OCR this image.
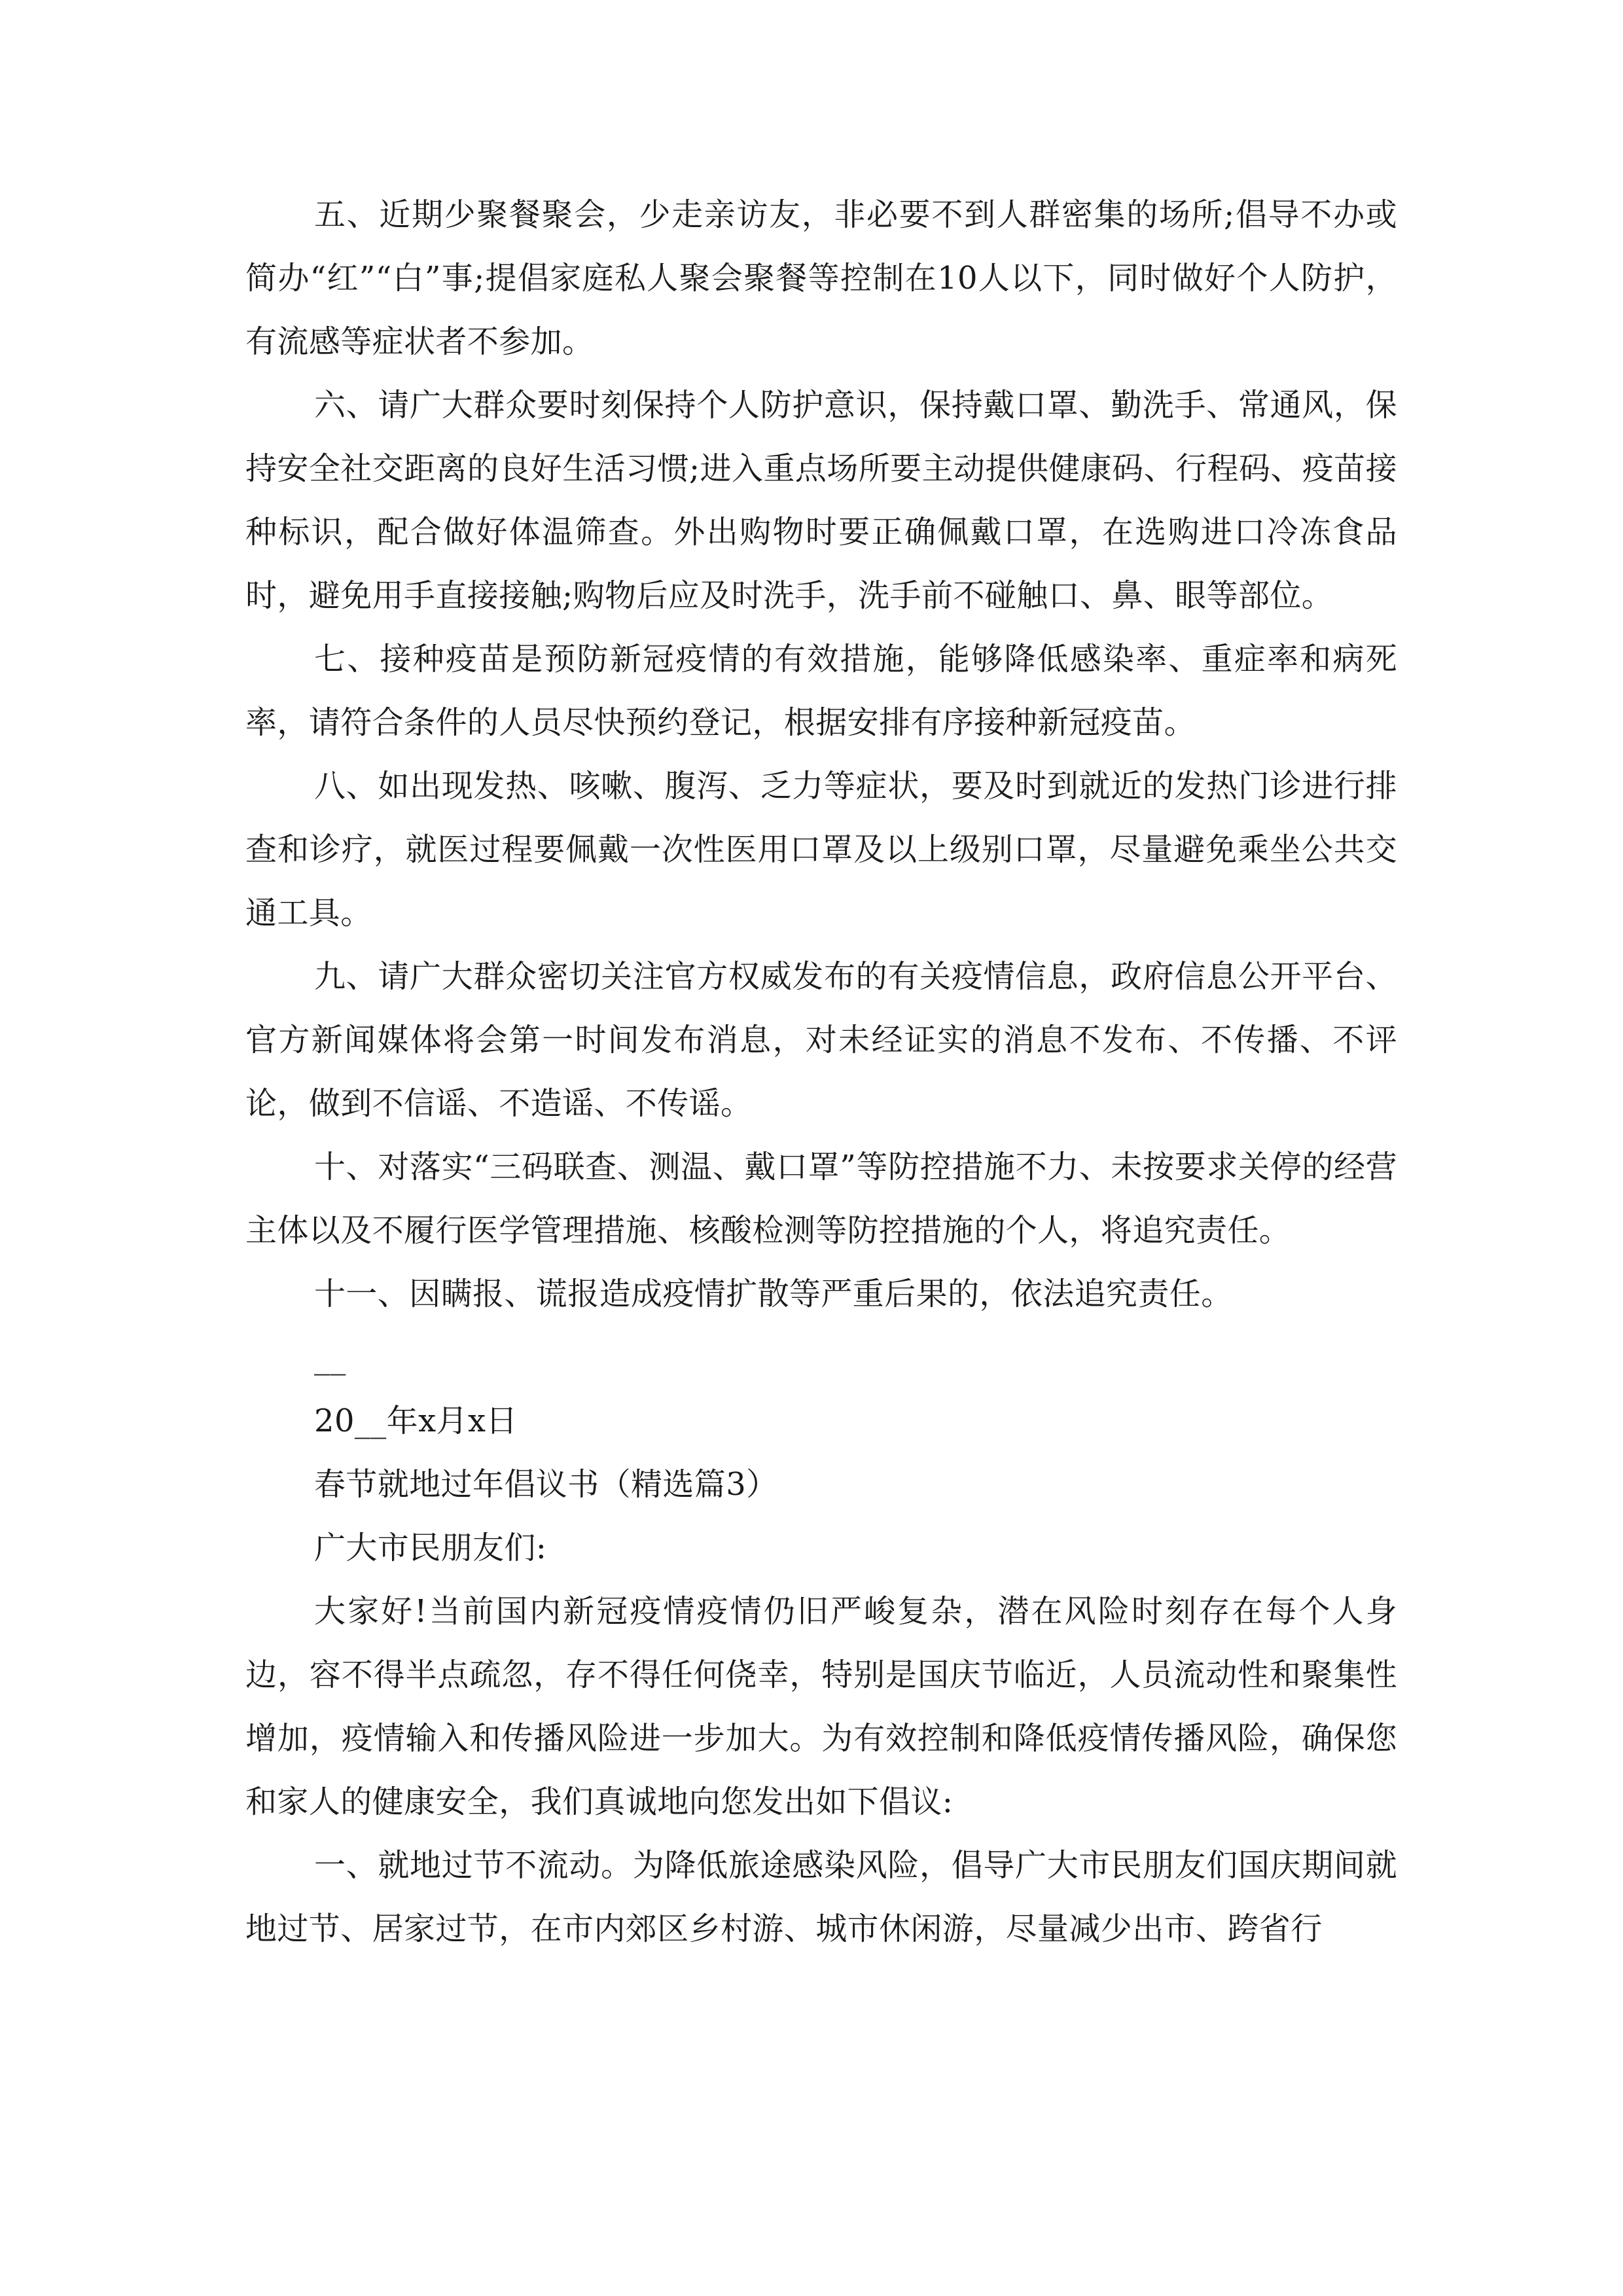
五、近期少聚餐聚会，少走亲访友，非必要不到人群密集的场所;倡导不办或简办“红”“白”事;提倡家庭私人聚会聚餐等控制在10人以下，同时做好个人防护，有流感等症状者不参加。

六、请广大群众要时刻保持个人防护意识，保持戴口罩、勤洗手、常通风，保持安全社交距离的良好生活习惯;进入重点场所要主动提供健康码、行程码、疫苗接种标识，配合做好体温筛查。外出购物时要正确佩戴口罩，在选购进口冷冻食品时，避免用手直接接触;购物后应及时洗手，洗手前不碰触口、鼻、眼等部位。

七、接种疫苗是预防新冠疫情的有效措施，能够降低感染率、重症率和病死率，请符合条件的人员尽快预约登记，根据安排有序接种新冠疫苗。

八、如出现发热、咳嗽、腹泻、乏力等症状，要及时到就近的发热门诊进行排查和诊疗，就医过程要佩戴一次性医用口罩及以上级别口罩，尽量避免乘坐公共交通工具。

九、请广大群众密切关注官方权威发布的有关疫情信息，政府信息公开平台、官方新闻媒体将会第一时间发布消息，对未经证实的消息不发布、不传播、不评论，做到不信谣、不造谣、不传谣。

十、对落实“三码联查、测温、戴口罩”等防控措施不力、未按要求关停的经营主体以及不履行医学管理措施、核酸检测等防控措施的个人，将追究责任。

十一、因瞒报、谎报造成疫情扩散等严重后果的，依法追究责任。

__
20__年x月x日
春节就地过年倡议书（精选篇3）
广大市民朋友们:

大家好!当前国内新冠疫情疫情仍旧严峻复杂，潜在风险时刻存在每个人身边，容不得半点疏忽，存不得任何侥幸，特别是国庆节临近，人员流动性和聚集性增加，疫情输入和传播风险进一步加大。为有效控制和降低疫情传播风险，确保您和家人的健康安全，我们真诚地向您发出如下倡议:

一、就地过节不流动。为降低旅途感染风险，倡导广大市民朋友们国庆期间就地过节、居家过节，在市内郊区乡村游、城市休闲游，尽量减少出市、跨省行
